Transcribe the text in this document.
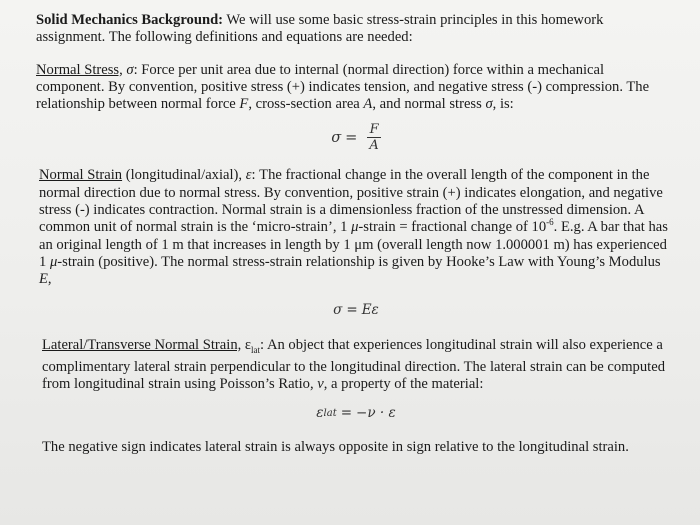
Solid Mechanics Background: We will use some basic stress-strain principles in this homework assignment. The following definitions and equations are needed:

Normal Stress, σ: Force per unit area due to internal (normal direction) force within a mechanical component. By convention, positive stress (+) indicates tension, and negative stress (-) compression. The relationship between normal force F, cross-section area A, and normal stress σ, is:

$\sigma = \frac{F}{A}$

Normal Strain (longitudinal/axial), ε: The fractional change in the overall length of the component in the normal direction due to normal stress. By convention, positive strain (+) indicates elongation, and negative stress (-) indicates contraction. Normal strain is a dimensionless fraction of the unstressed dimension. A common unit of normal strain is the ‘micro-strain’, 1 μ-strain = fractional change of $10^{-6}$. E.g. A bar that has an original length of 1 m that increases in length by 1 μm (overall length now 1.000001 m) has experienced 1 μ-strain (positive). The normal stress-strain relationship is given by Hooke’s Law with Young’s Modulus E,

σ = Eε

Lateral/Transverse Normal Strain, $\varepsilon_{lat}$: An object that experiences longitudinal strain will also experience a complimentary lateral strain perpendicular to the longitudinal direction. The lateral strain can be computed from longitudinal strain using Poisson’s Ratio, ν, a property of the material:

ε lat = −ν · ε

The negative sign indicates lateral strain is always opposite in sign relative to the longitudinal strain.
